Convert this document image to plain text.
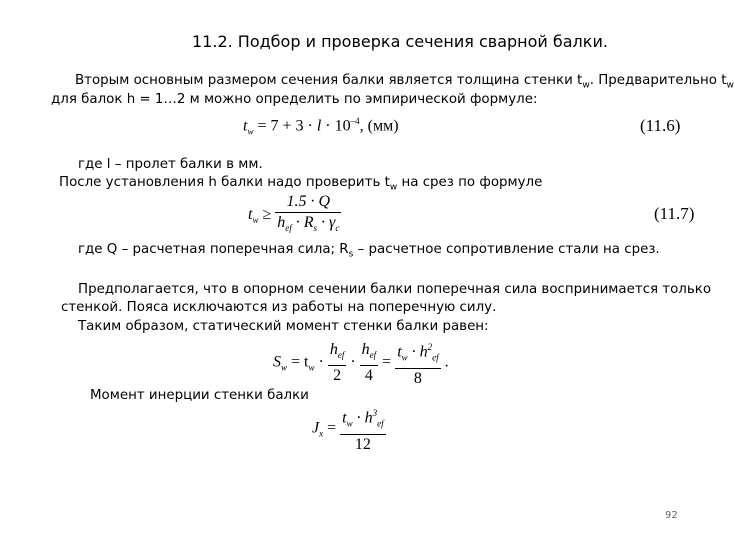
11.2. Подбор и проверка сечения сварной балки.
Вторым основным размером сечения балки является толщина стенки $t_w$. Предварительно $t_w$
для балок h = 1…2 м можно определить по эмпирической формуле:
$t_w = 7 + 3 \cdot l \cdot 10^{-4}$, (мм)	(11.6)
где l – пролет балки в мм.
После установления h балки надо проверить $t_w$ на срез по формуле
$t_w \ge \frac{1.5 \cdot Q}{h_{ef} \cdot R_s \cdot \gamma_c}$	(11.7)
где Q – расчетная поперечная сила; $R_s$ – расчетное сопротивление стали на срез.
Предполагается, что в опорном сечении балки поперечная сила воспринимается только
стенкой. Пояса исключаются из работы на поперечную силу.
Таким образом, статический момент стенки балки равен:
$S_w = t_w \cdot \frac{h_{ef}}{2} \cdot \frac{h_{ef}}{4} = \frac{t_w \cdot h^2_{ef}}{8}$ .
Момент инерции стенки балки
$J_x = \frac{t_w \cdot h^3_{ef}}{12}$
92
